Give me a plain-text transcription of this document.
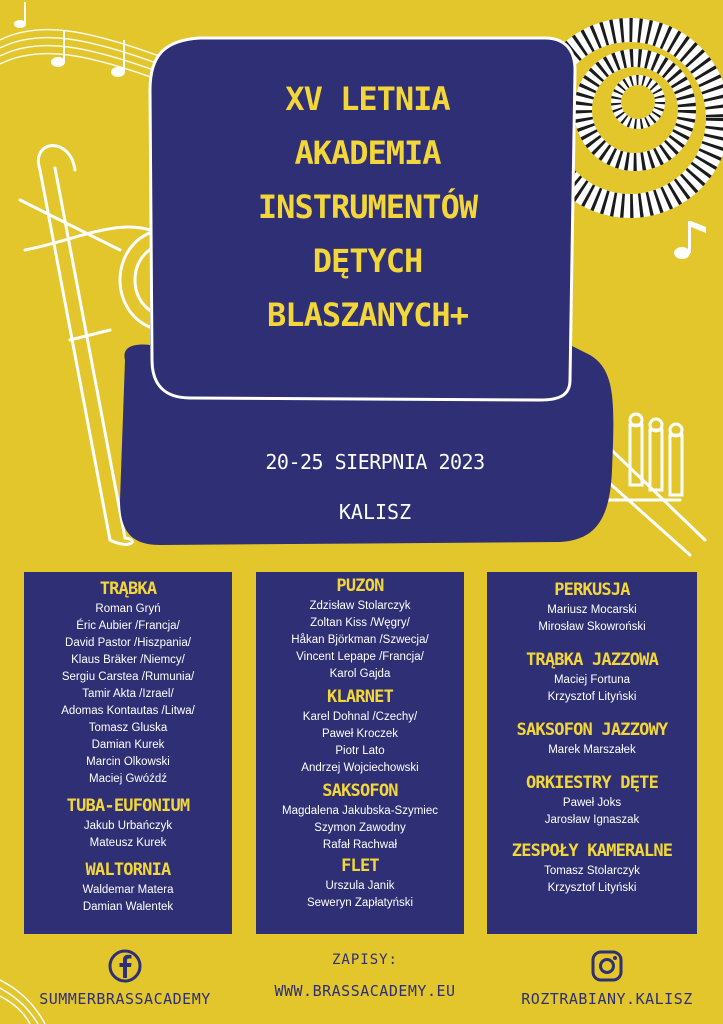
XV LETNIA
AKADEMIA
INSTRUMENTÓW
DĘTYCH
BLASZANYCH+
20-25 SIERPNIA 2023
KALISZ

TRĄBKA

Roman Gryń

Éric Aubier /Francja/

David Pastor /Hiszpania/

Klaus Bräker /Niemcy/

Sergiu Carstea /Rumunia/

Tamir Akta /Izrael/

Adomas Kontautas /Litwa/

Tomasz Gluska

Damian Kurek

Marcin Olkowski

Maciej Gwóźdź

TUBA-EUFONIUM

Jakub Urbańczyk

Mateusz Kurek

WALTORNIA

Waldemar Matera

Damian Walentek

PUZON

Zdzisław Stolarczyk

Zoltan Kiss /Węgry/

Håkan Björkman /Szwecja/

Vincent Lepape /Francja/

Karol Gajda

KLARNET

Karel Dohnal /Czechy/

Paweł Kroczek

Piotr Lato

Andrzej Wojciechowski

SAKSOFON

Magdalena Jakubska-Szymiec

Szymon Zawodny

Rafał Rachwał

FLET

Urszula Janik

Seweryn Zapłatyński

PERKUSJA

Mariusz Mocarski

Mirosław Skowroński

TRĄBKA JAZZOWA

Maciej Fortuna

Krzysztof Lityński

SAKSOFON JAZZOWY

Marek Marszałek

ORKIESTRY DĘTE

Paweł Joks

Jarosław Ignaszak

ZESPOŁY KAMERALNE

Tomasz Stolarczyk

Krzysztof Lityński

SUMMERBRASSACADEMY
ZAPISY:
WWW.BRASSACADEMY.EU	ROZTRABIANY.KALISZ
